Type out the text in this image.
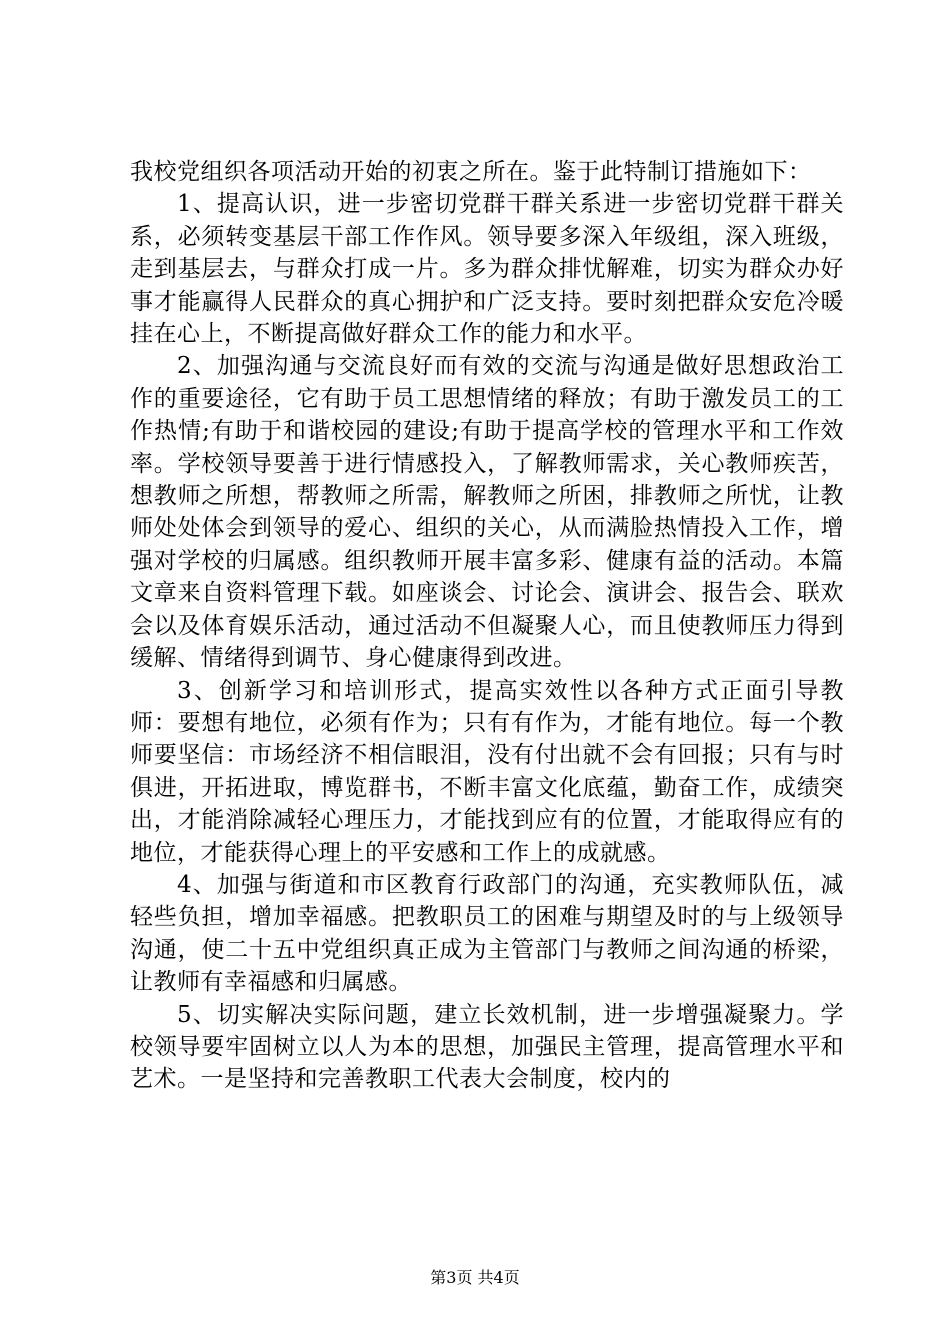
我校党组织各项活动开始的初衷之所在。鉴于此特制订措施如下：

1、提高认识，进一步密切党群干群关系进一步密切党群干群关系，必须转变基层干部工作作风。领导要多深入年级组，深入班级，走到基层去，与群众打成一片。多为群众排忧解难，切实为群众办好事才能赢得人民群众的真心拥护和广泛支持。要时刻把群众安危冷暖挂在心上，不断提高做好群众工作的能力和水平。

2、加强沟通与交流良好而有效的交流与沟通是做好思想政治工作的重要途径，它有助于员工思想情绪的释放；有助于激发员工的工作热情;有助于和谐校园的建设;有助于提高学校的管理水平和工作效率。学校领导要善于进行情感投入，了解教师需求，关心教师疾苦，想教师之所想，帮教师之所需，解教师之所困，排教师之所忧，让教师处处体会到领导的爱心、组织的关心，从而满脸热情投入工作，增强对学校的归属感。组织教师开展丰富多彩、健康有益的活动。本篇文章来自资料管理下载。如座谈会、讨论会、演讲会、报告会、联欢会以及体育娱乐活动，通过活动不但凝聚人心，而且使教师压力得到缓解、情绪得到调节、身心健康得到改进。

3、创新学习和培训形式，提高实效性以各种方式正面引导教师：要想有地位，必须有作为；只有有作为，才能有地位。每一个教师要坚信：市场经济不相信眼泪，没有付出就不会有回报；只有与时俱进，开拓进取，博览群书，不断丰富文化底蕴，勤奋工作，成绩突出，才能消除减轻心理压力，才能找到应有的位置，才能取得应有的地位，才能获得心理上的平安感和工作上的成就感。

4、加强与街道和市区教育行政部门的沟通，充实教师队伍，减轻些负担，增加幸福感。把教职员工的困难与期望及时的与上级领导沟通，使二十五中党组织真正成为主管部门与教师之间沟通的桥梁，让教师有幸福感和归属感。

5、切实解决实际问题，建立长效机制，进一步增强凝聚力。学校领导要牢固树立以人为本的思想，加强民主管理，提高管理水平和艺术。一是坚持和完善教职工代表大会制度，校内的

第3页 共4页
